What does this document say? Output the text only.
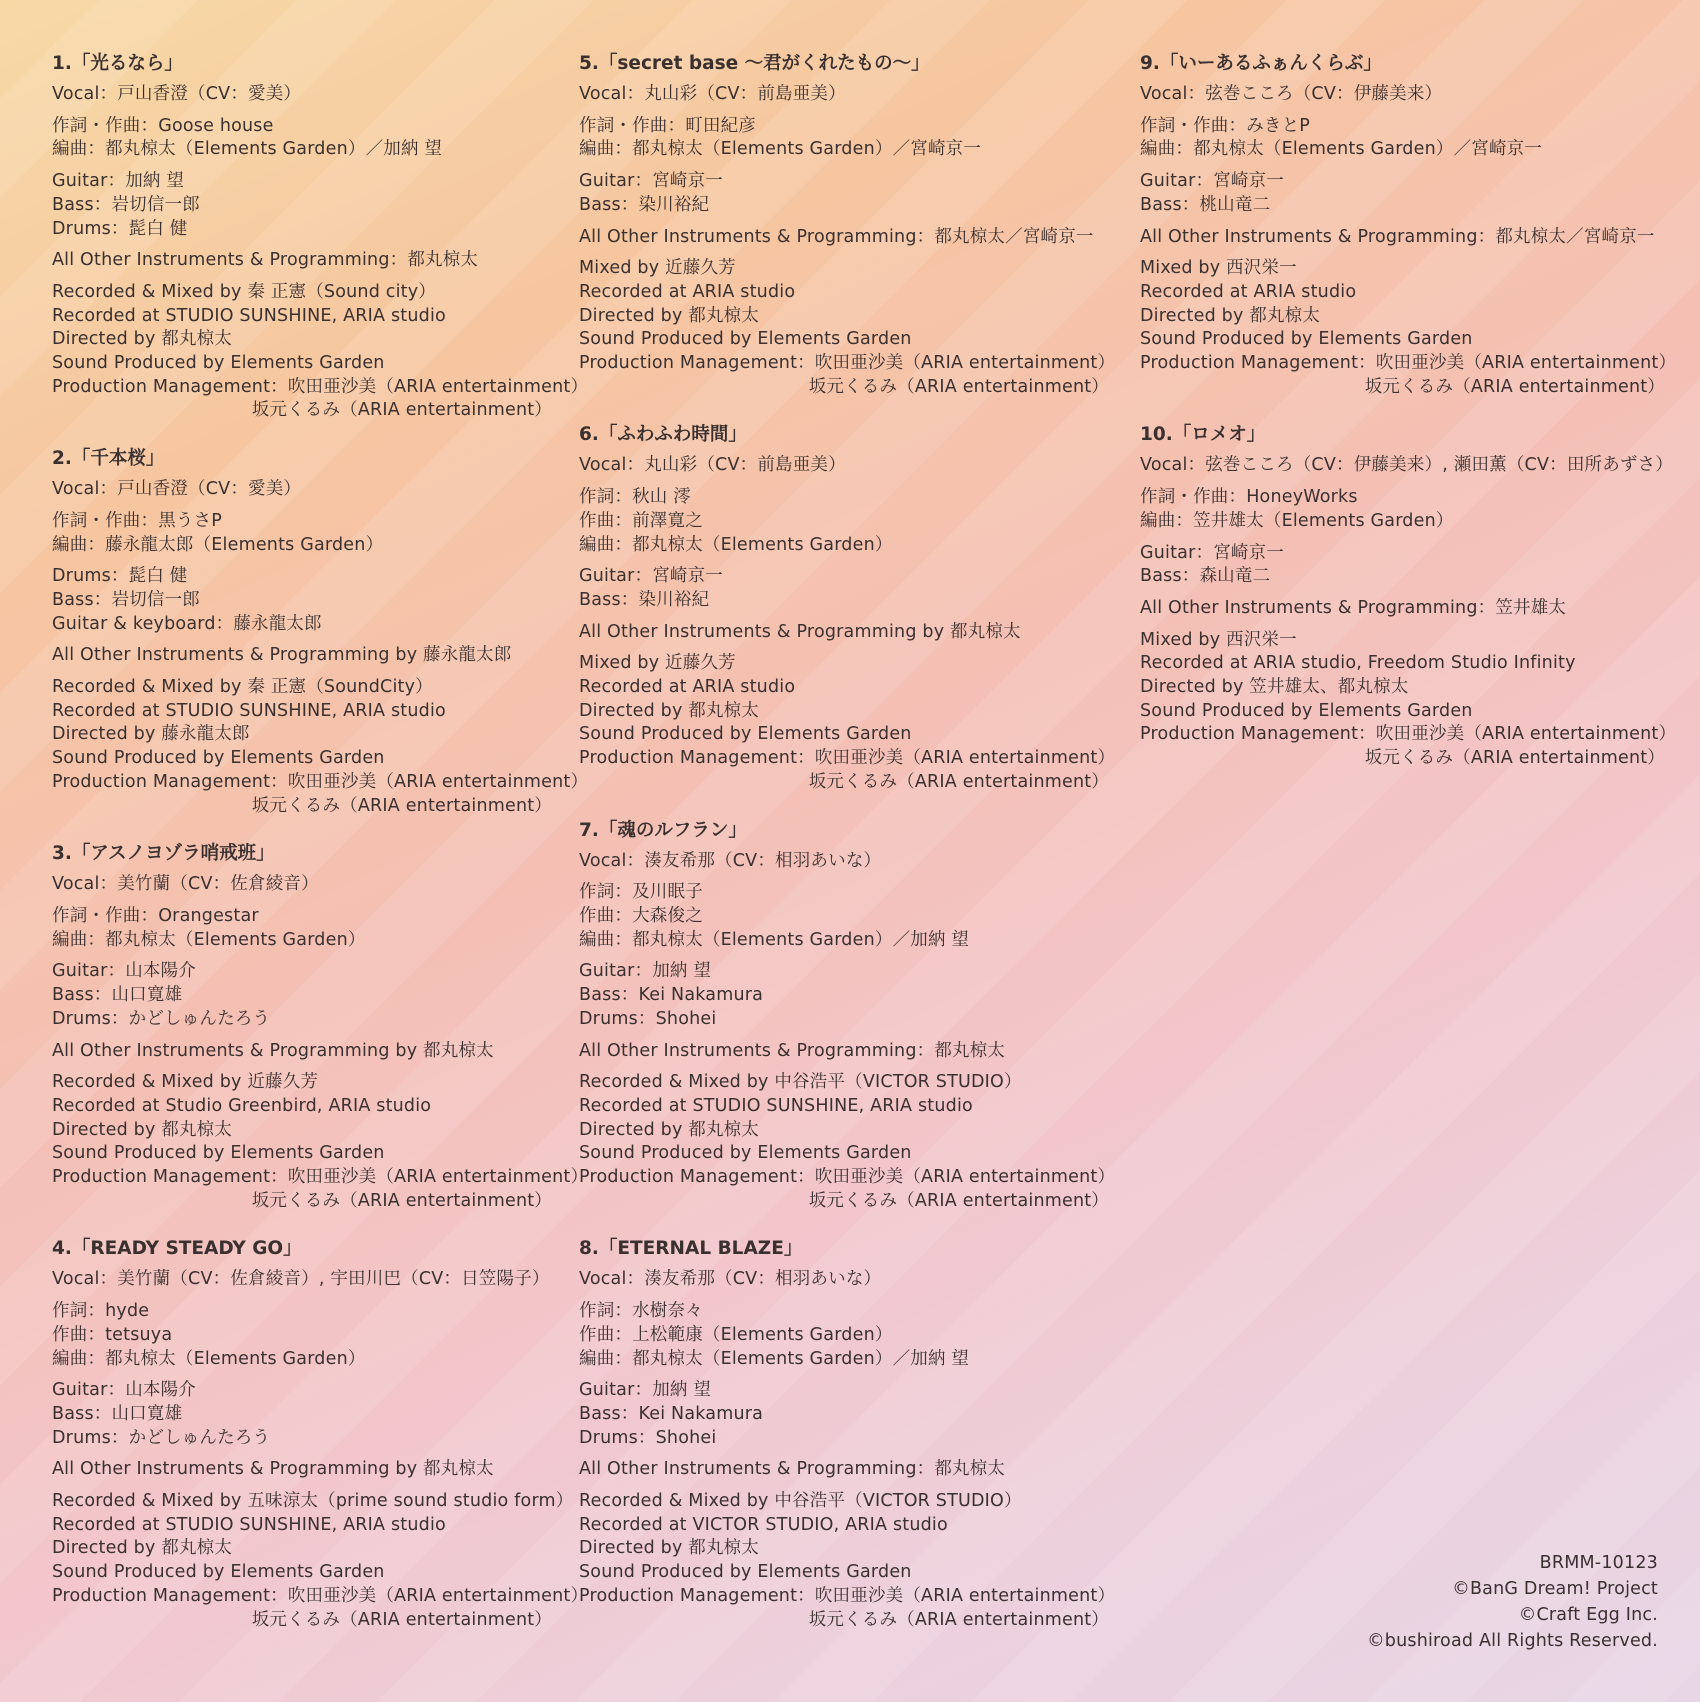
1.「光るなら」
Vocal：戸山香澄（CV：愛美）
作詞・作曲：Goose house
編曲：都丸椋太（Elements Garden）／加納 望
Guitar：加納 望
Bass：岩切信一郎
Drums：髭白 健
All Other Instruments & Programming：都丸椋太
Recorded & Mixed by 秦 正憲（Sound city）
Recorded at STUDIO SUNSHINE, ARIA studio
Directed by 都丸椋太
Sound Produced by Elements Garden
Production Management：吹田亜沙美（ARIA entertainment）
坂元くるみ（ARIA entertainment）
2.「千本桜」
Vocal：戸山香澄（CV：愛美）
作詞・作曲：黒うさP
編曲：藤永龍太郎（Elements Garden）
Drums：髭白 健
Bass：岩切信一郎
Guitar & keyboard：藤永龍太郎
All Other Instruments & Programming by 藤永龍太郎
Recorded & Mixed by 秦 正憲（SoundCity）
Recorded at STUDIO SUNSHINE, ARIA studio
Directed by 藤永龍太郎
Sound Produced by Elements Garden
Production Management：吹田亜沙美（ARIA entertainment）
坂元くるみ（ARIA entertainment）
3.「アスノヨゾラ哨戒班」
Vocal：美竹蘭（CV：佐倉綾音）
作詞・作曲：Orangestar
編曲：都丸椋太（Elements Garden）
Guitar：山本陽介
Bass：山口寛雄
Drums：かどしゅんたろう
All Other Instruments & Programming by 都丸椋太
Recorded & Mixed by 近藤久芳
Recorded at Studio Greenbird, ARIA studio
Directed by 都丸椋太
Sound Produced by Elements Garden
Production Management：吹田亜沙美（ARIA entertainment）
坂元くるみ（ARIA entertainment）
4.「READY STEADY GO」
Vocal：美竹蘭（CV：佐倉綾音）, 宇田川巴（CV：日笠陽子）
作詞：hyde
作曲：tetsuya
編曲：都丸椋太（Elements Garden）
Guitar：山本陽介
Bass：山口寛雄
Drums：かどしゅんたろう
All Other Instruments & Programming by 都丸椋太
Recorded & Mixed by 五味涼太（prime sound studio form）
Recorded at STUDIO SUNSHINE, ARIA studio
Directed by 都丸椋太
Sound Produced by Elements Garden
Production Management：吹田亜沙美（ARIA entertainment）
坂元くるみ（ARIA entertainment）
5.「secret base 〜君がくれたもの〜」
Vocal：丸山彩（CV：前島亜美）
作詞・作曲：町田紀彦
編曲：都丸椋太（Elements Garden）／宮崎京一
Guitar：宮崎京一
Bass：染川裕紀
All Other Instruments & Programming：都丸椋太／宮崎京一
Mixed by 近藤久芳
Recorded at ARIA studio
Directed by 都丸椋太
Sound Produced by Elements Garden
Production Management：吹田亜沙美（ARIA entertainment）
坂元くるみ（ARIA entertainment）
6.「ふわふわ時間」
Vocal：丸山彩（CV：前島亜美）
作詞：秋山 澪
作曲：前澤寛之
編曲：都丸椋太（Elements Garden）
Guitar：宮崎京一
Bass：染川裕紀
All Other Instruments & Programming by 都丸椋太
Mixed by 近藤久芳
Recorded at ARIA studio
Directed by 都丸椋太
Sound Produced by Elements Garden
Production Management：吹田亜沙美（ARIA entertainment）
坂元くるみ（ARIA entertainment）
7.「魂のルフラン」
Vocal：湊友希那（CV：相羽あいな）
作詞：及川眠子
作曲：大森俊之
編曲：都丸椋太（Elements Garden）／加納 望
Guitar：加納 望
Bass：Kei Nakamura
Drums：Shohei
All Other Instruments & Programming：都丸椋太
Recorded & Mixed by 中谷浩平（VICTOR STUDIO）
Recorded at STUDIO SUNSHINE, ARIA studio
Directed by 都丸椋太
Sound Produced by Elements Garden
Production Management：吹田亜沙美（ARIA entertainment）
坂元くるみ（ARIA entertainment）
8.「ETERNAL BLAZE」
Vocal：湊友希那（CV：相羽あいな）
作詞：水樹奈々
作曲：上松範康（Elements Garden）
編曲：都丸椋太（Elements Garden）／加納 望
Guitar：加納 望
Bass：Kei Nakamura
Drums：Shohei
All Other Instruments & Programming：都丸椋太
Recorded & Mixed by 中谷浩平（VICTOR STUDIO）
Recorded at VICTOR STUDIO, ARIA studio
Directed by 都丸椋太
Sound Produced by Elements Garden
Production Management：吹田亜沙美（ARIA entertainment）
坂元くるみ（ARIA entertainment）
9.「いーあるふぁんくらぶ」
Vocal：弦巻こころ（CV：伊藤美来）
作詞・作曲：みきとP
編曲：都丸椋太（Elements Garden）／宮崎京一
Guitar：宮崎京一
Bass：桃山竜二
All Other Instruments & Programming：都丸椋太／宮崎京一
Mixed by 西沢栄一
Recorded at ARIA studio
Directed by 都丸椋太
Sound Produced by Elements Garden
Production Management：吹田亜沙美（ARIA entertainment）
坂元くるみ（ARIA entertainment）
10.「ロメオ」
Vocal：弦巻こころ（CV：伊藤美来）, 瀬田薫（CV：田所あずさ）
作詞・作曲：HoneyWorks
編曲：笠井雄太（Elements Garden）
Guitar：宮崎京一
Bass：森山竜二
All Other Instruments & Programming：笠井雄太
Mixed by 西沢栄一
Recorded at ARIA studio, Freedom Studio Infinity
Directed by 笠井雄太、都丸椋太
Sound Produced by Elements Garden
Production Management：吹田亜沙美（ARIA entertainment）
坂元くるみ（ARIA entertainment）
BRMM-10123
©BanG Dream! Project
©Craft Egg Inc.
©bushiroad All Rights Reserved.
